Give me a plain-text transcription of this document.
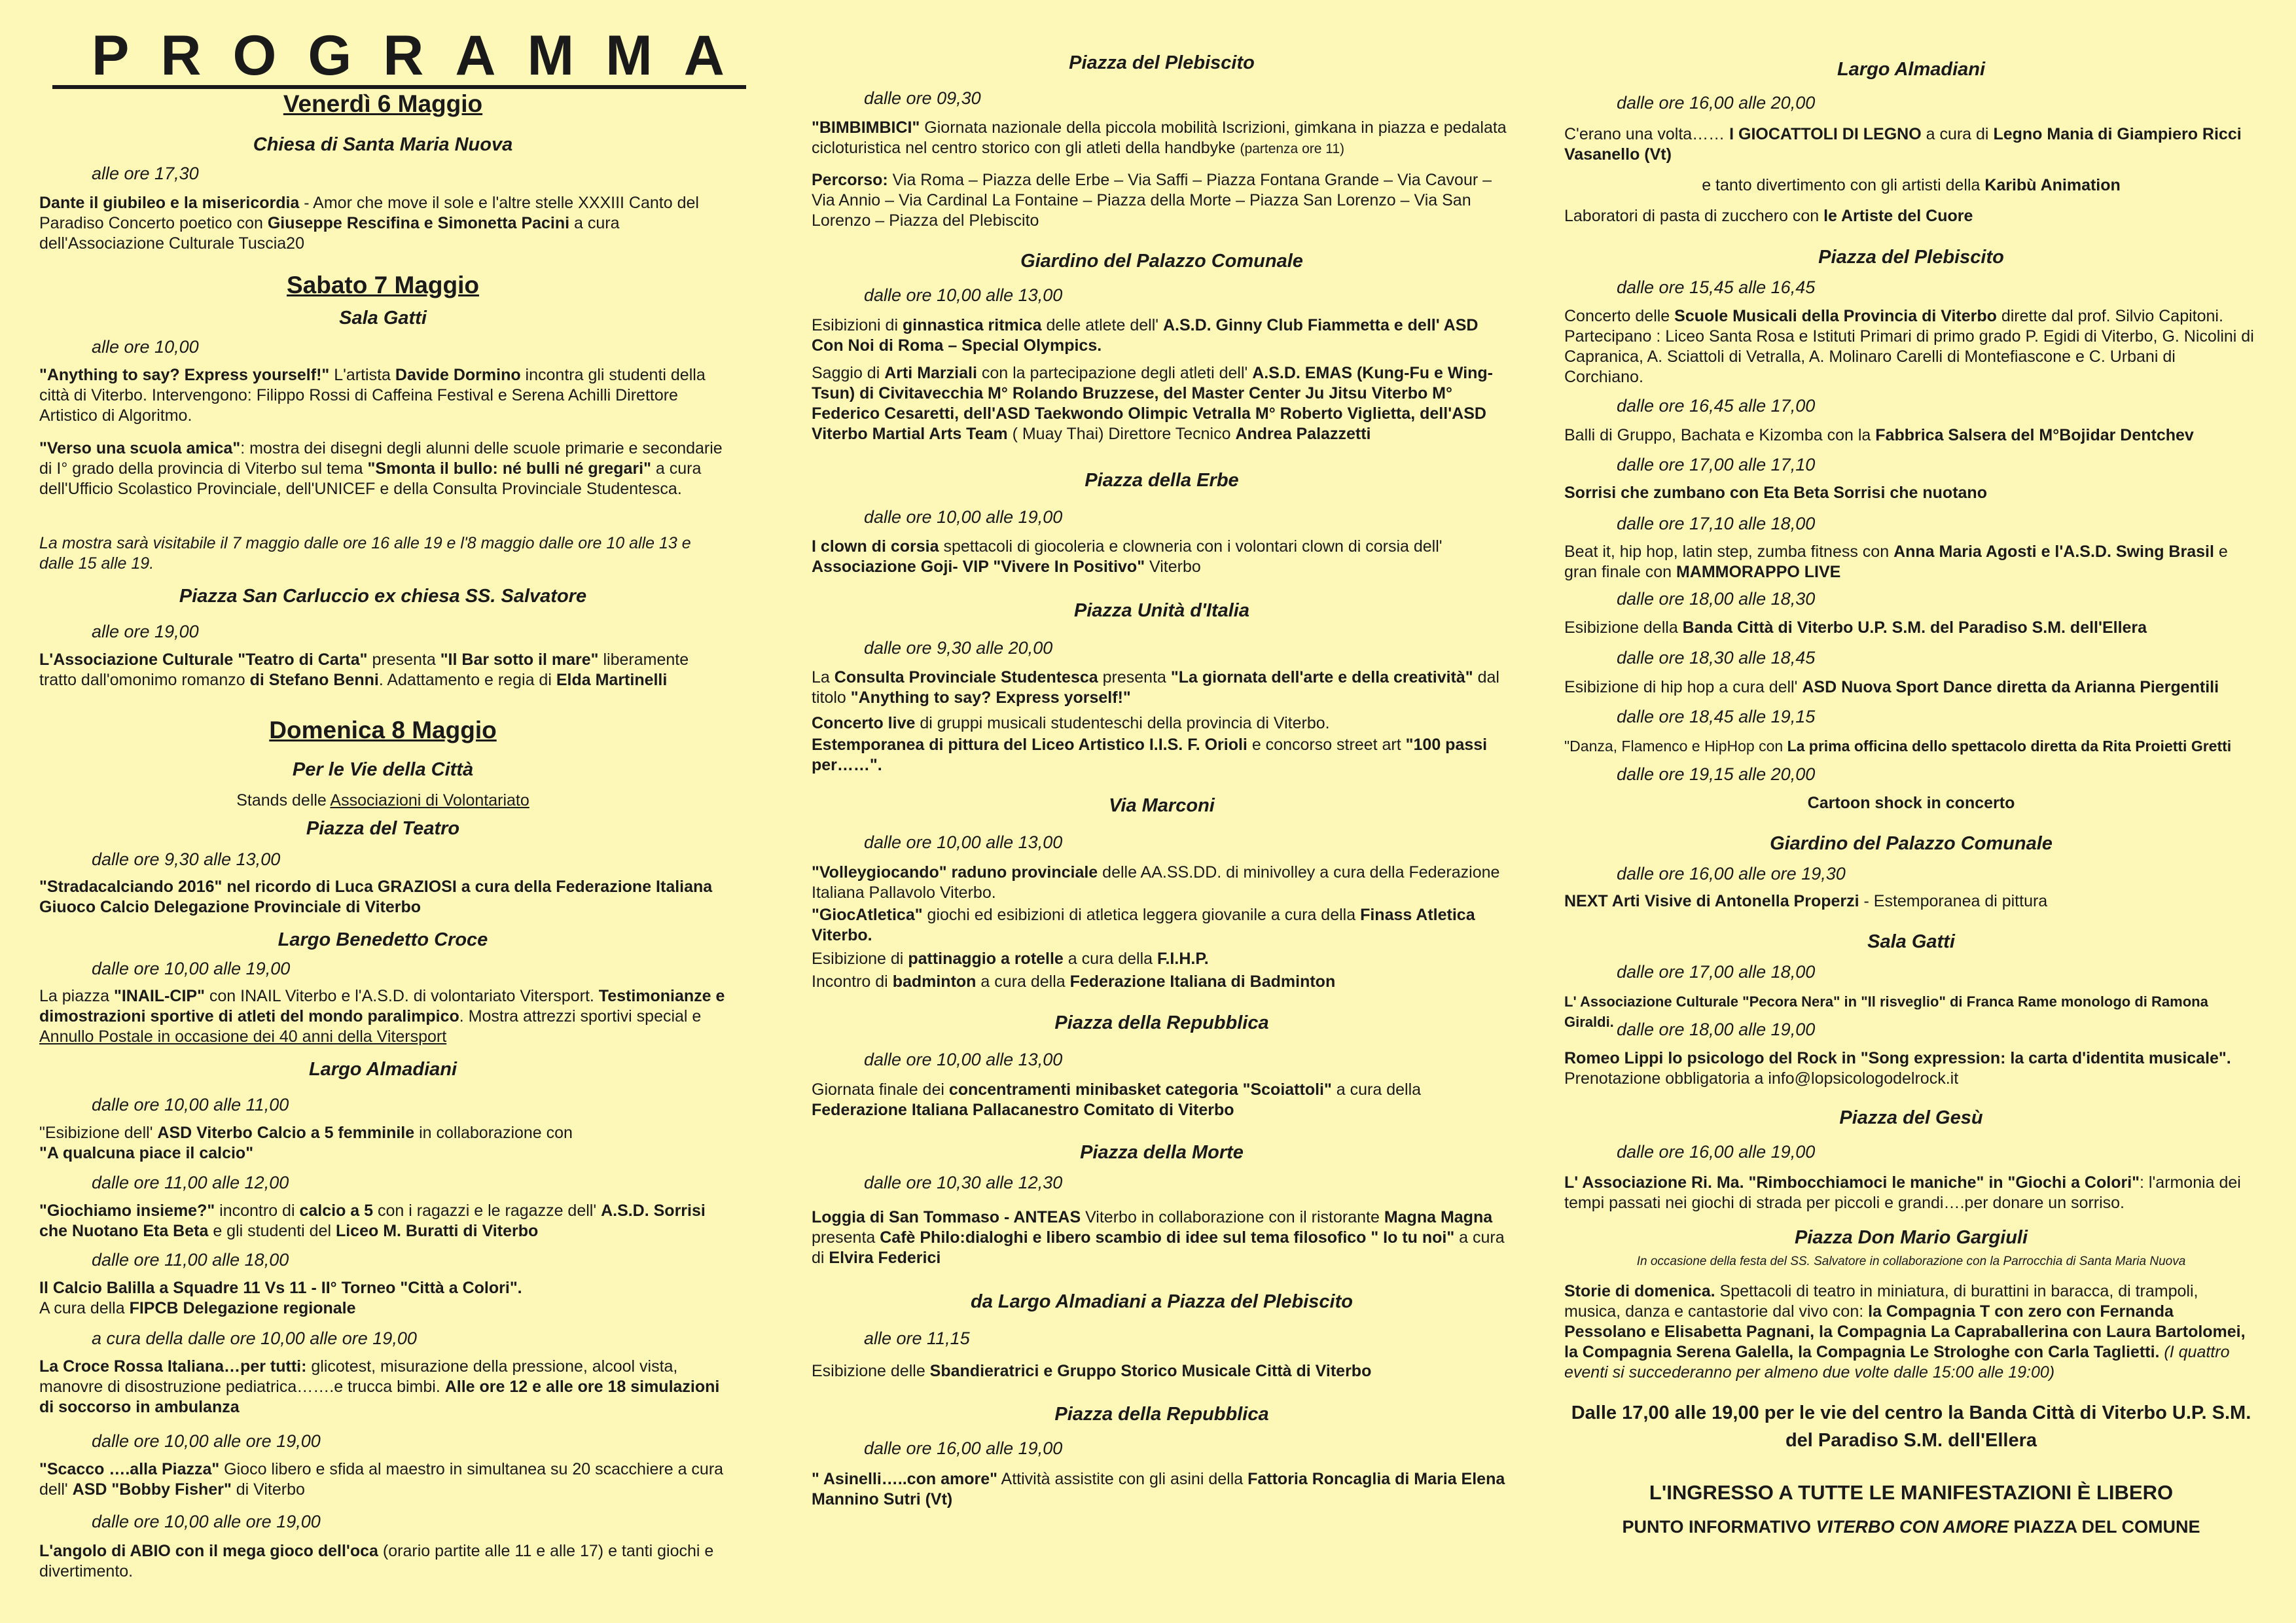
PROGRAMMA
Venerdì 6 Maggio
Chiesa di Santa Maria Nuova
alle ore 17,30
Dante il giubileo e la misericordia - Amor che move il sole e l'altre stelle XXXIII Canto del Paradiso Concerto poetico con Giuseppe Rescifina e Simonetta Pacini a cura dell'Associazione Culturale Tuscia20
Sabato 7 Maggio
Sala Gatti
alle ore 10,00
"Anything to say? Express yourself!" L'artista Davide Dormino incontra gli studenti della città di Viterbo. Intervengono: Filippo Rossi di Caffeina Festival e Serena Achilli Direttore Artistico di Algoritmo.
"Verso una scuola amica": mostra dei disegni degli alunni delle scuole primarie e secondarie di I° grado della provincia di Viterbo sul tema "Smonta il bullo: né bulli né gregari" a cura dell'Ufficio Scolastico Provinciale, dell'UNICEF e della Consulta Provinciale Studentesca.
La mostra sarà visitabile il 7 maggio dalle ore 16 alle 19 e l'8 maggio dalle ore 10 alle 13 e dalle 15 alle 19.
Piazza San Carluccio ex chiesa SS. Salvatore
alle ore 19,00
L'Associazione Culturale "Teatro di Carta" presenta "Il Bar sotto il mare" liberamente tratto dall'omonimo romanzo di Stefano Benni. Adattamento e regia di Elda Martinelli
Domenica 8 Maggio
Per le Vie della Città
Stands delle Associazioni di Volontariato
Piazza del Teatro
dalle ore 9,30 alle 13,00
"Stradacalciando 2016" nel ricordo di Luca GRAZIOSI a cura della Federazione Italiana Giuoco Calcio Delegazione Provinciale di Viterbo
Largo Benedetto Croce
dalle ore 10,00 alle 19,00
La piazza "INAIL-CIP" con INAIL Viterbo e l'A.S.D. di volontariato Vitersport. Testimonianze e dimostrazioni sportive di atleti del mondo paralimpico. Mostra attrezzi sportivi special e Annullo Postale in occasione dei 40 anni della Vitersport
Largo Almadiani
dalle ore 10,00 alle 11,00
"Esibizione dell' ASD Viterbo Calcio a 5 femminile in collaborazione con
"A qualcuna piace il calcio"
dalle ore 11,00 alle 12,00
"Giochiamo insieme?" incontro di calcio a 5 con i ragazzi e le ragazze dell' A.S.D. Sorrisi che Nuotano Eta Beta e gli studenti del Liceo M. Buratti di Viterbo
dalle ore 11,00 alle 18,00
Il Calcio Balilla a Squadre 11 Vs 11 - II° Torneo "Città a Colori".
A cura della FIPCB Delegazione regionale
a cura della dalle ore 10,00 alle ore 19,00
La Croce Rossa Italiana…per tutti: glicotest, misurazione della pressione, alcool vista, manovre di disostruzione pediatrica…….e trucca bimbi. Alle ore 12 e alle ore 18 simulazioni di soccorso in ambulanza
dalle ore 10,00 alle ore 19,00
"Scacco ….alla Piazza" Gioco libero e sfida al maestro in simultanea su 20 scacchiere a cura dell' ASD "Bobby Fisher" di Viterbo
dalle ore 10,00 alle ore 19,00
L'angolo di ABIO con il mega gioco dell'oca (orario partite alle 11 e alle 17) e tanti giochi e divertimento.
Piazza del Plebiscito
dalle ore 09,30
"BIMBIMBICI" Giornata nazionale della piccola mobilità Iscrizioni, gimkana in piazza e pedalata cicloturistica nel centro storico con gli atleti della handbyke (partenza ore 11)
Percorso: Via Roma – Piazza delle Erbe – Via Saffi – Piazza Fontana Grande – Via Cavour – Via Annio – Via Cardinal La Fontaine – Piazza della Morte – Piazza San Lorenzo – Via San Lorenzo – Piazza del Plebiscito
Giardino del Palazzo Comunale
dalle ore 10,00 alle 13,00
Esibizioni di ginnastica ritmica delle atlete dell' A.S.D. Ginny Club Fiammetta e dell' ASD Con Noi di Roma – Special Olympics.
Saggio di Arti Marziali con la partecipazione degli atleti dell' A.S.D. EMAS (Kung-Fu e Wing-Tsun) di Civitavecchia M° Rolando Bruzzese, del Master Center Ju Jitsu Viterbo M° Federico Cesaretti, dell'ASD Taekwondo Olimpic Vetralla M° Roberto Viglietta, dell'ASD Viterbo Martial Arts Team ( Muay Thai) Direttore Tecnico Andrea Palazzetti
Piazza della Erbe
dalle ore 10,00 alle 19,00
I clown di corsia spettacoli di giocoleria e clowneria con i volontari clown di corsia dell' Associazione Goji- VIP "Vivere In Positivo" Viterbo
Piazza Unità d'Italia
dalle ore 9,30 alle 20,00
La Consulta Provinciale Studentesca presenta "La giornata dell'arte e della creatività" dal titolo "Anything to say? Express yorself!"
Concerto live di gruppi musicali studenteschi della provincia di Viterbo.
Estemporanea di pittura del Liceo Artistico I.I.S. F. Orioli e concorso street art "100 passi per……".
Via Marconi
dalle ore 10,00 alle 13,00
"Volleygiocando" raduno provinciale delle AA.SS.DD. di minivolley a cura della Federazione Italiana Pallavolo Viterbo.
"GiocAtletica" giochi ed esibizioni di atletica leggera giovanile a cura della Finass Atletica Viterbo.
Esibizione di pattinaggio a rotelle a cura della F.I.H.P.
Incontro di badminton a cura della Federazione Italiana di Badminton
Piazza della Repubblica
dalle ore 10,00 alle 13,00
Giornata finale dei concentramenti minibasket categoria "Scoiattoli" a cura della Federazione Italiana Pallacanestro Comitato di Viterbo
Piazza della Morte
dalle ore 10,30 alle 12,30
Loggia di San Tommaso - ANTEAS Viterbo in collaborazione con il ristorante Magna Magna presenta Cafè Philo:dialoghi e libero scambio di idee sul tema filosofico " Io tu noi" a cura di Elvira Federici
da Largo Almadiani a Piazza del Plebiscito
alle ore 11,15
Esibizione delle Sbandieratrici e Gruppo Storico Musicale Città di Viterbo
Piazza della Repubblica
dalle ore 16,00 alle 19,00
" Asinelli…..con amore" Attività assistite con gli asini della Fattoria Roncaglia di Maria Elena Mannino Sutri (Vt)
Largo Almadiani
dalle ore 16,00 alle 20,00
C'erano una volta…… I GIOCATTOLI DI LEGNO a cura di Legno Mania di Giampiero Ricci Vasanello (Vt)
e tanto divertimento con gli artisti della Karibù Animation
Laboratori di pasta di zucchero con le Artiste del Cuore
Piazza del Plebiscito
dalle ore 15,45 alle 16,45
Concerto delle Scuole Musicali della Provincia di Viterbo dirette dal prof. Silvio Capitoni. Partecipano : Liceo Santa Rosa e Istituti Primari di primo grado P. Egidi di Viterbo, G. Nicolini di Capranica, A. Sciattoli di Vetralla, A. Molinaro Carelli di Montefiascone e C. Urbani di Corchiano.
dalle ore 16,45 alle 17,00
Balli di Gruppo, Bachata e Kizomba con la Fabbrica Salsera del M°Bojidar Dentchev
dalle ore 17,00 alle 17,10
Sorrisi che zumbano con Eta Beta Sorrisi che nuotano
dalle ore 17,10 alle 18,00
Beat it, hip hop, latin step, zumba fitness con Anna Maria Agosti e l'A.S.D. Swing Brasil e gran finale con MAMMORAPPO LIVE
dalle ore 18,00 alle 18,30
Esibizione della Banda Città di Viterbo U.P. S.M. del Paradiso S.M. dell'Ellera
dalle ore 18,30 alle 18,45
Esibizione di hip hop a cura dell' ASD Nuova Sport Dance diretta da Arianna Piergentili
dalle ore 18,45 alle 19,15
"Danza, Flamenco e HipHop con La prima officina dello spettacolo diretta da Rita Proietti Gretti
dalle ore 19,15 alle 20,00
Cartoon shock in concerto
Giardino del Palazzo Comunale
dalle ore 16,00 alle ore 19,30
NEXT Arti Visive di Antonella Properzi - Estemporanea di pittura
Sala Gatti
dalle ore 17,00 alle 18,00
L' Associazione Culturale "Pecora Nera" in "Il risveglio" di Franca Rame monologo di Ramona Giraldi. dalle ore 18,00 alle 19,00
Romeo Lippi lo psicologo del Rock in "Song expression: la carta d'identita musicale".
Prenotazione obbligatoria a info@lopsicologodelrock.it
Piazza del Gesù
dalle ore 16,00 alle 19,00
L' Associazione Ri. Ma. "Rimbocchiamoci le maniche" in "Giochi a Colori": l'armonia dei tempi passati nei giochi di strada per piccoli e grandi….per donare un sorriso.
Piazza Don Mario Gargiuli
In occasione della festa del SS. Salvatore in collaborazione con la Parrocchia di Santa Maria Nuova
Storie di domenica. Spettacoli di teatro in miniatura, di burattini in baracca, di trampoli, musica, danza e cantastorie dal vivo con: la Compagnia T con zero con Fernanda Pessolano e Elisabetta Pagnani, la Compagnia La Capraballerina con Laura Bartolomei, la Compagnia Serena Galella, la Compagnia Le Strologhe con Carla Taglietti. (I quattro eventi si succederanno per almeno due volte dalle 15:00 alle 19:00)
Dalle 17,00 alle 19,00 per le vie del centro la Banda Città di Viterbo U.P. S.M. del Paradiso S.M. dell'Ellera
L'INGRESSO A TUTTE LE MANIFESTAZIONI È LIBERO
PUNTO INFORMATIVO VITERBO CON AMORE PIAZZA DEL COMUNE
